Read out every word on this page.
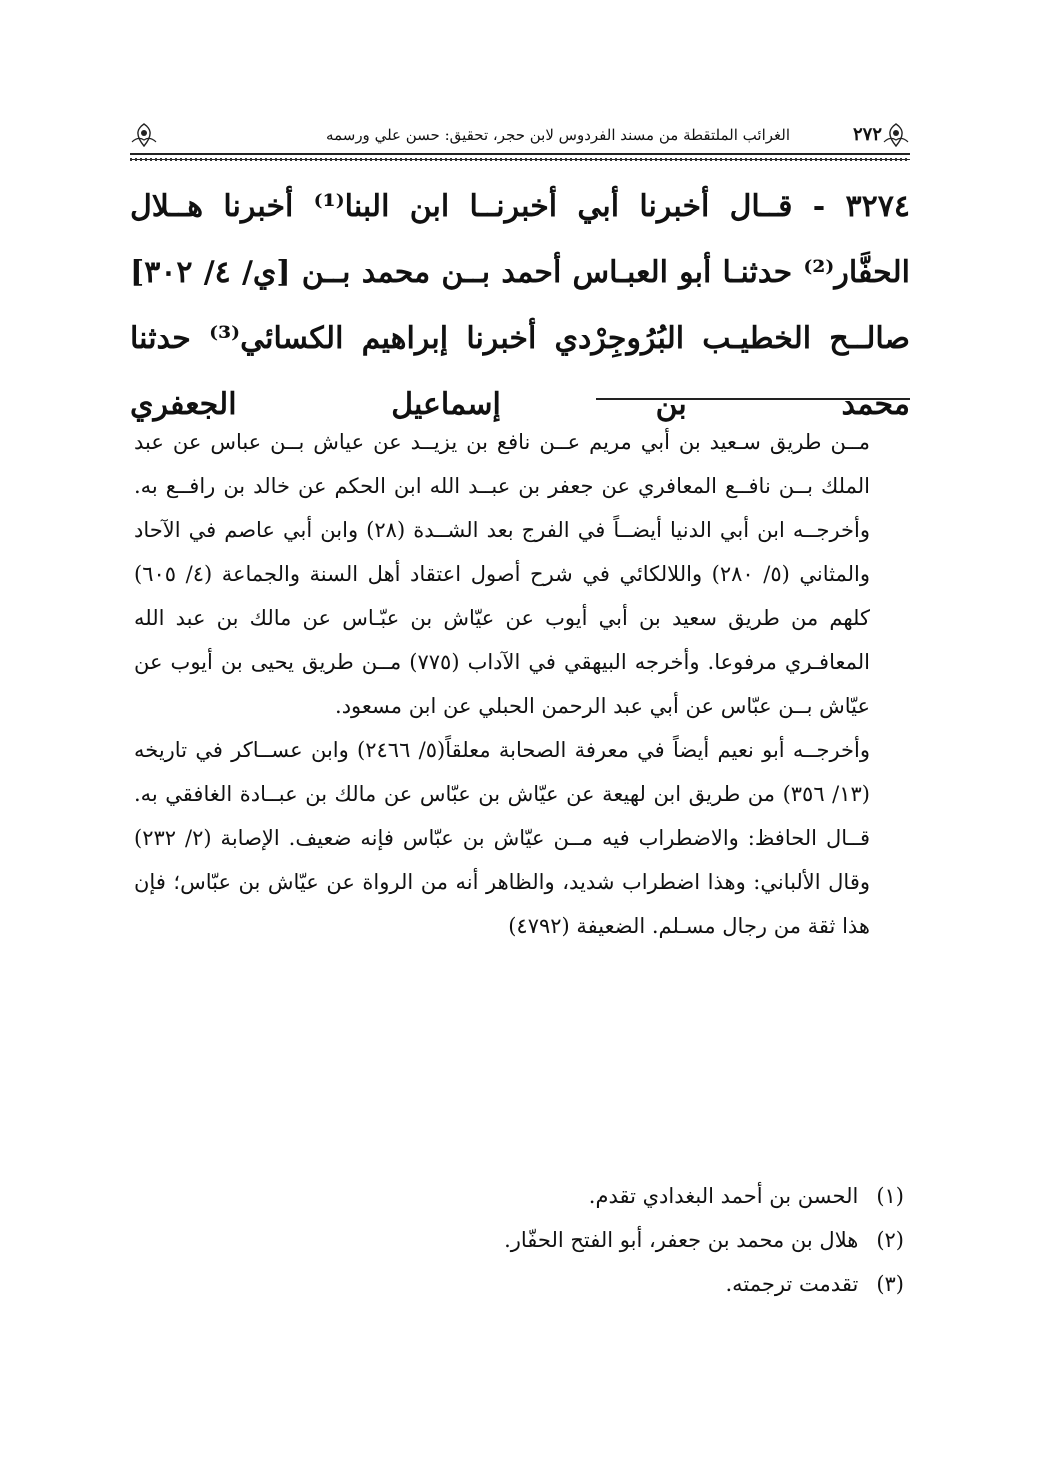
٢٧٢
الغرائب الملتقطة من مسند الفردوس لابن حجر، تحقيق: حسن علي ورسمه

٣٢٧٤ - قــال أخبرنا أبي أخبرنــا ابن البنا⁽¹⁾ أخبرنا هــلال الحفَّار⁽²⁾ حدثنـا أبو العبـاس أحمد بــن محمد بــن [ي/ ٤/ ٣٠٢] صالــح الخطيـب البُرُوجِرْدي أخبرنا إبراهيم الكسائي⁽³⁾ حدثنا محمد بن إسماعيل الجعفري

مــن طريق سـعيد بن أبي مريم عــن نافع بن يزيــد عن عياش بــن عباس عن عبد الملك بــن نافــع المعافري عن جعفر بن عبــد الله ابن الحكم عن خالد بن رافــع به. وأخرجــه ابن أبي الدنيا أيضــاً في الفرج بعد الشــدة (٢٨) وابن أبي عاصم في الآحاد والمثاني (٥/ ٢٨٠) واللالكائي في شرح أصول اعتقاد أهل السنة والجماعة (٤/ ٦٠٥) كلهم من طريق سعيد بن أبي أيوب عن عيّاش بن عبّـاس عن مالك بن عبد الله المعافـري مرفوعا. وأخرجه البيهقي في الآداب (٧٧٥) مــن طريق يحيى بن أيوب عن عيّاش بــن عبّاس عن أبي عبد الرحمن الحبلي عن ابن مسعود.

وأخرجــه أبو نعيم أيضاً في معرفة الصحابة معلقاً(٥/ ٢٤٦٦) وابن عســاكر في تاريخه (١٣/ ٣٥٦) من طريق ابن لهيعة عن عيّاش بن عبّاس عن مالك بن عبــادة الغافقي به. قــال الحافظ: والاضطراب فيه مــن عيّاش بن عبّاس فإنه ضعيف. الإصابة (٢/ ٢٣٢) وقال الألباني: وهذا اضطراب شديد، والظاهر أنه من الرواة عن عيّاش بن عبّاس؛ فإن هذا ثقة من رجال مسـلم. الضعيفة (٤٧٩٢)

(١)
الحسن بن أحمد البغدادي تقدم.
(٢)
هلال بن محمد بن جعفر، أبو الفتح الحفّار.
(٣)
تقدمت ترجمته.
